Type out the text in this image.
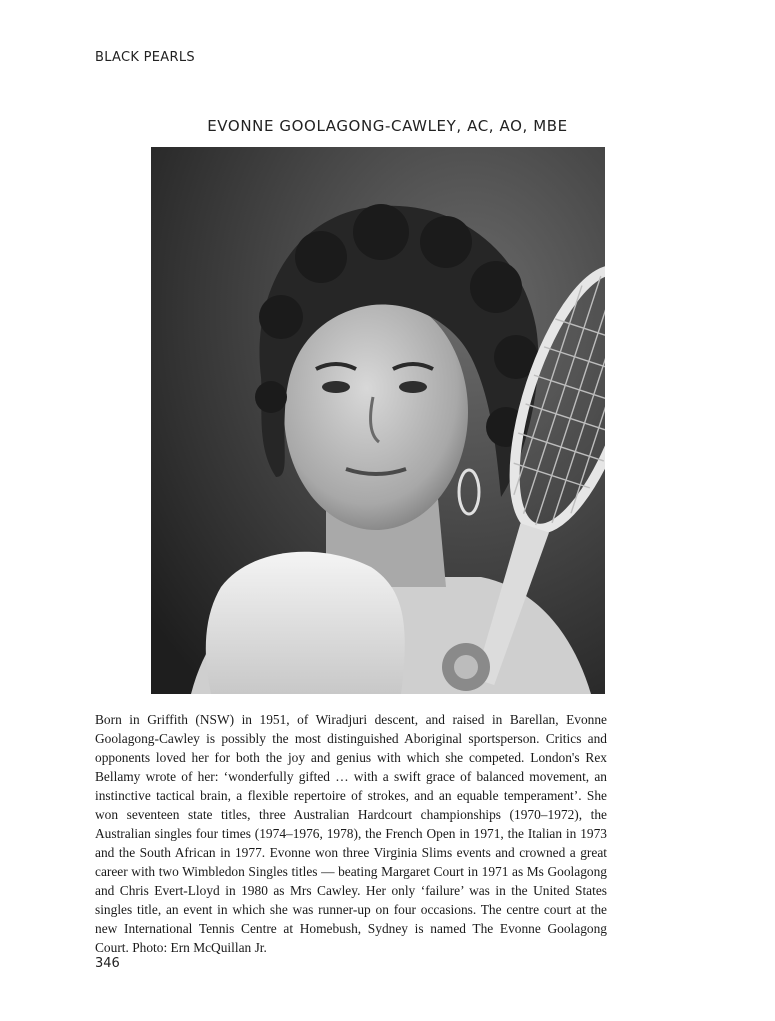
BLACK PEARLS
EVONNE GOOLAGONG-CAWLEY, AC, AO, MBE

Born in Griffith (NSW) in 1951, of Wiradjuri descent, and raised in Barellan, Evonne Goolagong-Cawley is possibly the most distinguished Aboriginal sportsperson. Critics and opponents loved her for both the joy and genius with which she competed. London's Rex Bellamy wrote of her: ‘wonderfully gifted … with a swift grace of balanced movement, an instinctive tactical brain, a flexible repertoire of strokes, and an equable temperament’. She won seventeen state titles, three Australian Hardcourt championships (1970–1972), the Australian singles four times (1974–1976, 1978), the French Open in 1971, the Italian in 1973 and the South African in 1977. Evonne won three Virginia Slims events and crowned a great career with two Wimbledon Singles titles — beating Margaret Court in 1971 as Ms Goolagong and Chris Evert-Lloyd in 1980 as Mrs Cawley. Her only ‘failure’ was in the United States singles title, an event in which she was runner-up on four occasions. The centre court at the new International Tennis Centre at Homebush, Sydney is named The Evonne Goolagong Court. Photo: Ern McQuillan Jr.

346
